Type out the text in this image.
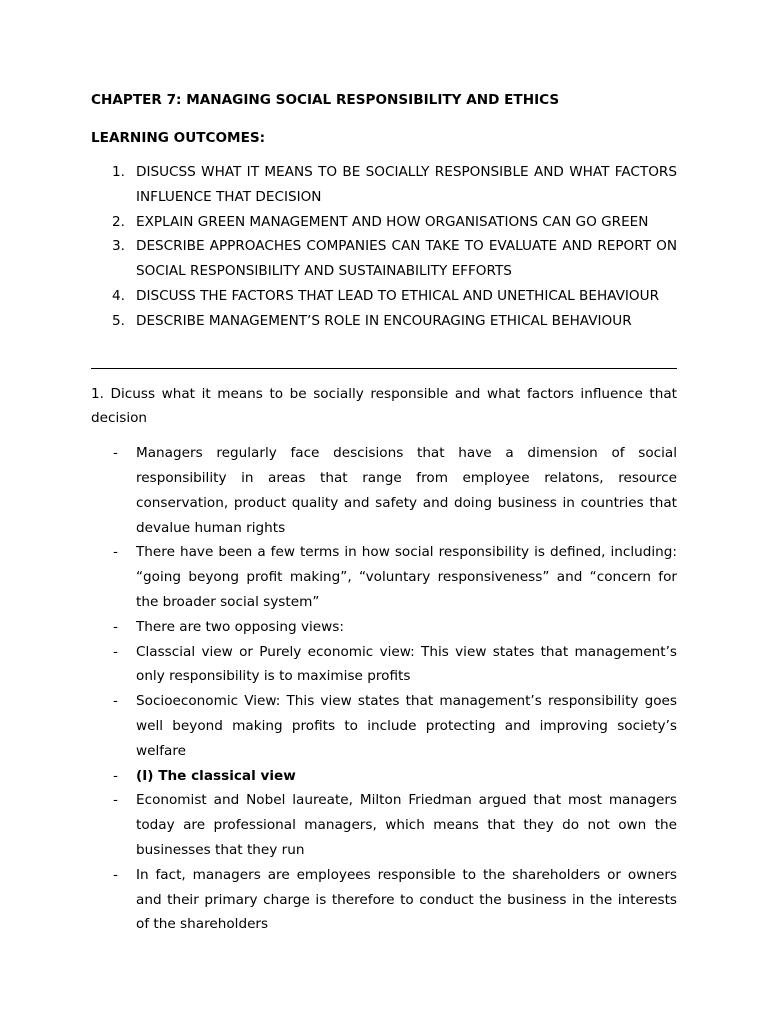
CHAPTER 7: MANAGING SOCIAL RESPONSIBILITY AND ETHICS

LEARNING OUTCOMES:

1. DISUCSS WHAT IT MEANS TO BE SOCIALLY RESPONSIBLE AND WHAT FACTORS INFLUENCE THAT DECISION
2. EXPLAIN GREEN MANAGEMENT AND HOW ORGANISATIONS CAN GO GREEN
3. DESCRIBE APPROACHES COMPANIES CAN TAKE TO EVALUATE AND REPORT ON SOCIAL RESPONSIBILITY AND SUSTAINABILITY EFFORTS
4. DISCUSS THE FACTORS THAT LEAD TO ETHICAL AND UNETHICAL BEHAVIOUR
5. DESCRIBE MANAGEMENT’S ROLE IN ENCOURAGING ETHICAL BEHAVIOUR

1. Dicuss what it means to be socially responsible and what factors influence that decision

- Managers regularly face descisions that have a dimension of social responsibility in areas that range from employee relatons, resource conservation, product quality and safety and doing business in countries that devalue human rights
- There have been a few terms in how social responsibility is defined, including: “going beyong profit making”, “voluntary responsiveness” and “concern for the broader social system”
- There are two opposing views:
- Classcial view or Purely economic view: This view states that management’s only responsibility is to maximise profits
- Socioeconomic View: This view states that management’s responsibility goes well beyond making profits to include protecting and improving society’s welfare
- (I) The classical view
- Economist and Nobel laureate, Milton Friedman argued that most managers today are professional managers, which means that they do not own the businesses that they run
- In fact, managers are employees responsible to the shareholders or owners and their primary charge is therefore to conduct the business in the interests of the shareholders
